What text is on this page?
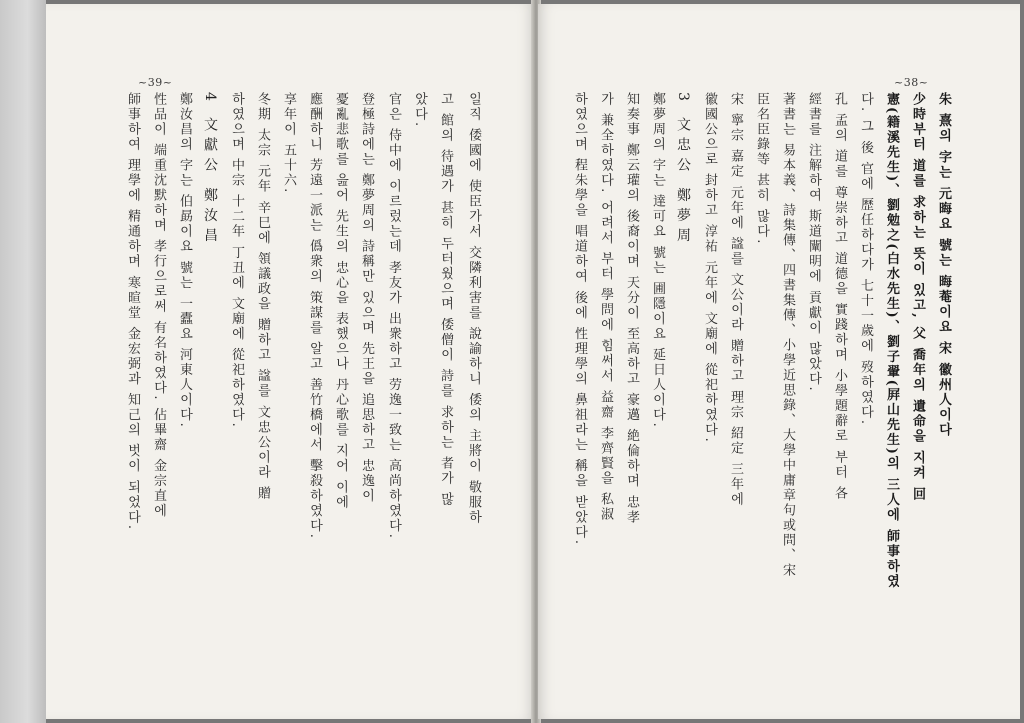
~39~
일직 倭國에 使臣가서 交隣利害를 說諭하니 倭의 主將이 敬服하
고 館의 待遇가 甚히 두터웠으며 倭僧이 詩를 求하는 者가 많
았다.
官은 侍中에 이르렀는데 孝友가 出衆하고 劳逸一致는 高尚하였다.
登極詩에는 鄭夢周의 詩稱만 있으며 先王을 追思하고 忠逸이
憂亂悲歌를 읊어 先生의 忠心을 表했으나 丹心歌를 지어 이에
應酬하니 芳遠一派는 僞衆의 策謀를 알고 善竹橋에서 擊殺하였다.
享年이 五十六.
冬期 太宗 元年 辛巳에 領議政을 贈하고 諡를 文忠公이라 贈
하였으며 中宗 十二年 丁丑에 文廟에 從祀하였다.
4 文獻公 鄭汝昌
鄭汝昌의 字는 伯勗이요 號는 一蠹요 河東人이다.
性品이 端重沈默하며 孝行으로써 有名하였다. 佔畢齋 金宗直에
師事하여 理學에 精通하며 寒暄堂 金宏弼과 知己의 벗이 되었다.
~38~
朱 熹의 字는 元晦요 號는 晦菴이요 宋 徽州人이다
少時부터 道를 求하는 뜻이 있고, 父 喬年의 遺命을 지켜 回
憲(籍溪先生)、劉勉之(白水先生)、劉子翬(屛山先生)의 三人에 師事하였
다. 그 後 官에 歷任하다가 七十一歲에 歿하였다.
孔 孟의 道를 尊崇하고 道德을 實踐하며 小學題辭로 부터 各
經書를 注解하여 斯道闡明에 貢獻이 많았다.
著書는 易本義、詩集傳、四書集傳、小學近思錄、大學中庸章句或問、宋
臣名臣錄等 甚히 많다.
宋 寧宗 嘉定 元年에 諡를 文公이라 贈하고 理宗 紹定 三年에
徽國公으로 封하고 淳祐 元年에 文廟에 從祀하였다.
3 文忠公 鄭夢周
鄭夢周의 字는 達可요 號는 圃隱이요 延日人이다.
知奏事 鄭云瓘의 後裔이며 天分이 至高하고 豪邁 絶倫하며 忠孝
가 兼全하였다. 어려서 부터 學問에 힘써서 益齋 李齊賢을 私淑
하였으며 程朱學을 唱道하여 後에 性理學의 鼻祖라는 稱을 받았다.
